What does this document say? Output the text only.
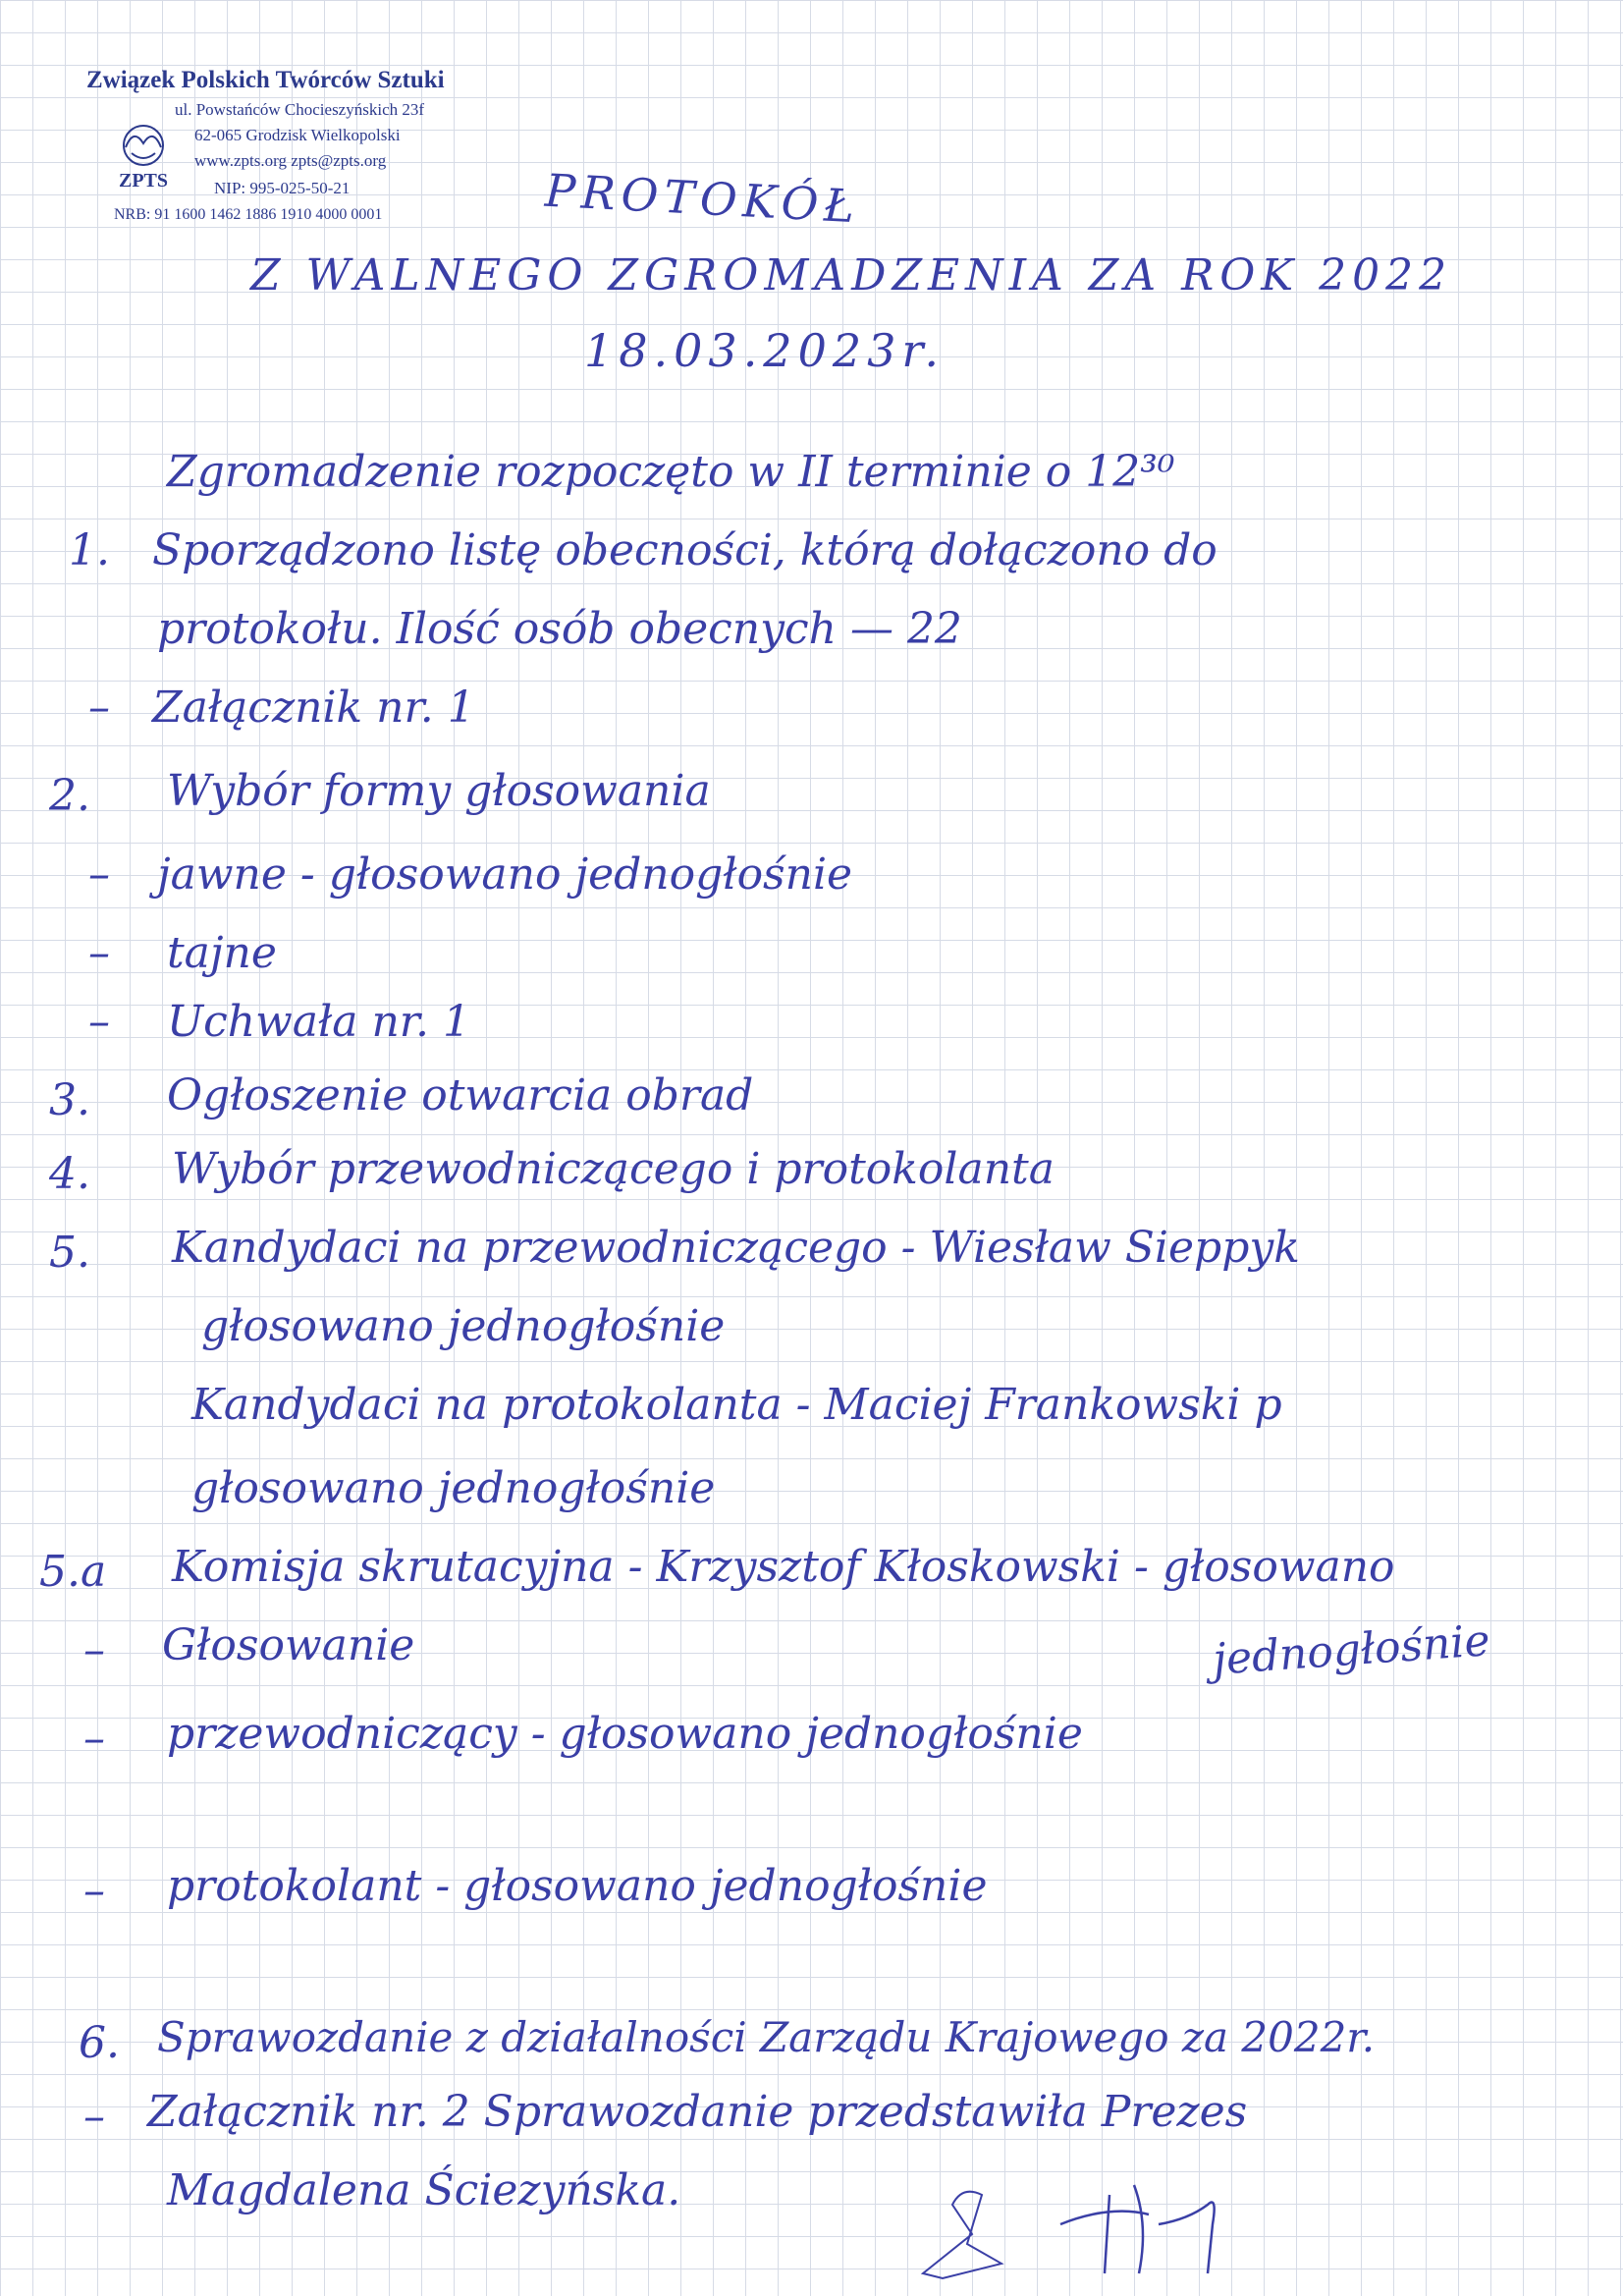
Związek Polskich Twórców Sztuki
ZPTS
ul. Powstańców Chocieszyńskich 23f
62-065 Grodzisk Wielkopolski
www.zpts.org zpts@zpts.org
NIP: 995-025-50-21
NRB: 91 1600 1462 1886 1910 4000 0001	PROTOKÓŁ
Z WALNEGO ZGROMADZENIA ZA ROK 2022
18.03.2023r.
Zgromadzenie rozpoczęto w II terminie o 12³⁰
1. Sporządzono listę obecności, którą dołączono do
protokołu. Ilość osób obecnych — 22
– Załącznik nr. 1
2. Wybór formy głosowania
– jawne - głosowano jednogłośnie
– tajne
– Uchwała nr. 1
3. Ogłoszenie otwarcia obrad
4. Wybór przewodniczącego i protokolanta
5. Kandydaci na przewodniczącego - Wiesław Sieppyk
głosowano jednogłośnie
Kandydaci na protokolanta - Maciej Frankowski p
głosowano jednogłośnie
5.a Komisja skrutacyjna - Krzysztof Kłoskowski - głosowano
– Głosowanie	jednogłośnie
– przewodniczący - głosowano jednogłośnie
– protokolant - głosowano jednogłośnie
6. Sprawozdanie z działalności Zarządu Krajowego za 2022r.
– Załącznik nr. 2 Sprawozdanie przedstawiła Prezes
Magdalena Ściezyńska.
